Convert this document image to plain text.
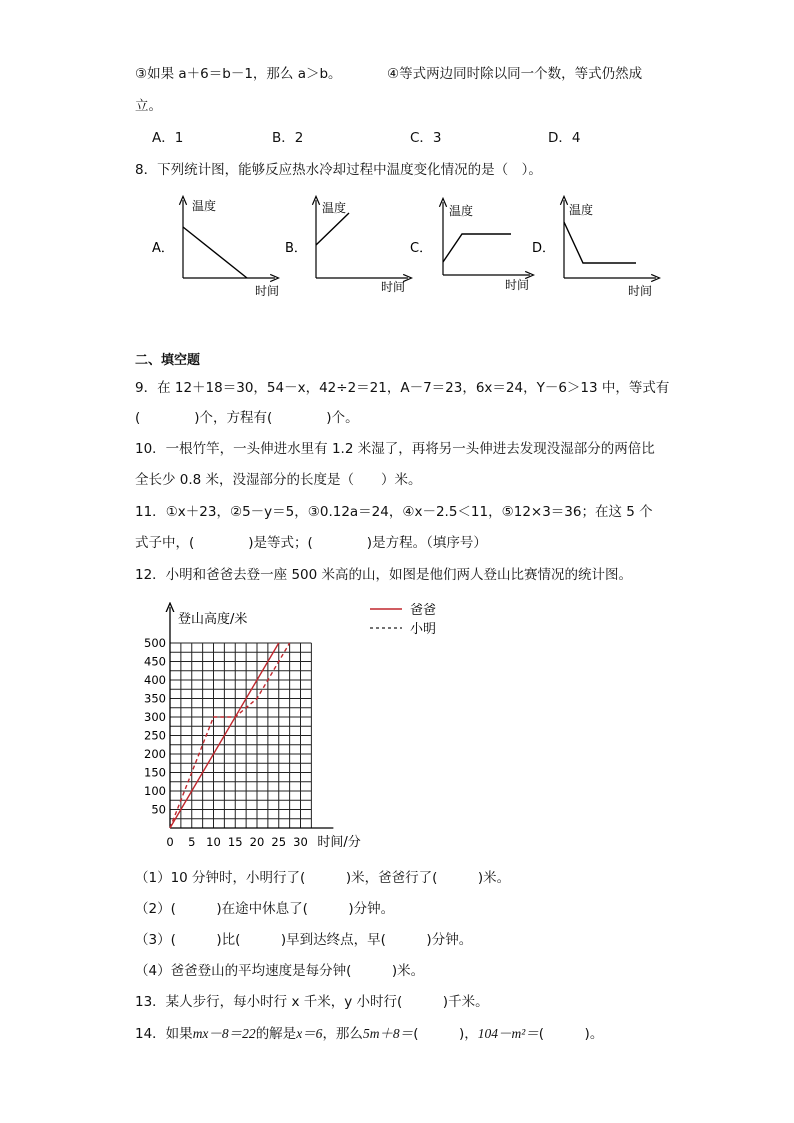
③如果 a＋6＝b－1，那么 a＞b。	④等式两边同时除以同一个数，等式仍然成
立。
A．1	B．2	C．3	D．4
8．下列统计图，能够反应热水冷却过程中温度变化情况的是（　）。
A．
温度
时间
B．
温度
时间
C．
温度
时间
D．
温度
时间
二、填空题
9．在 12＋18＝30，54－x，42÷2＝21，A－7＝23，6x＝24，Y－6＞13 中，等式有
(　　　　)个，方程有(　　　　)个。
10．一根竹竿，一头伸进水里有 1.2 米湿了，再将另一头伸进去发现没湿部分的两倍比
全长少 0.8 米，没湿部分的长度是（　　）米。
11．①x＋23，②5－y＝5，③0.12a＝24，④x－2.5＜11，⑤12×3＝36；在这 5 个
式子中，(　　　　)是等式；(　　　　)是方程。（填序号）
12．小明和爸爸去登一座 500 米高的山，如图是他们两人登山比赛情况的统计图。
登山高度/米
时间/分
50
100
150
200
250
300
350
400
450
500
0 5 10 15 20 25 30
爸爸
小明
（1）10 分钟时，小明行了(　　　)米，爸爸行了(　　　)米。
（2）(　　　)在途中休息了(　　　)分钟。
（3）(　　　)比(　　　)早到达终点，早(　　　)分钟。
（4）爸爸登山的平均速度是每分钟(　　　)米。
13．某人步行，每小时行 x 千米，y 小时行(　　　)千米。
14．如果mx－8＝22的解是x＝6，那么5m＋8＝(　　　)，104－m²＝(　　　)。
